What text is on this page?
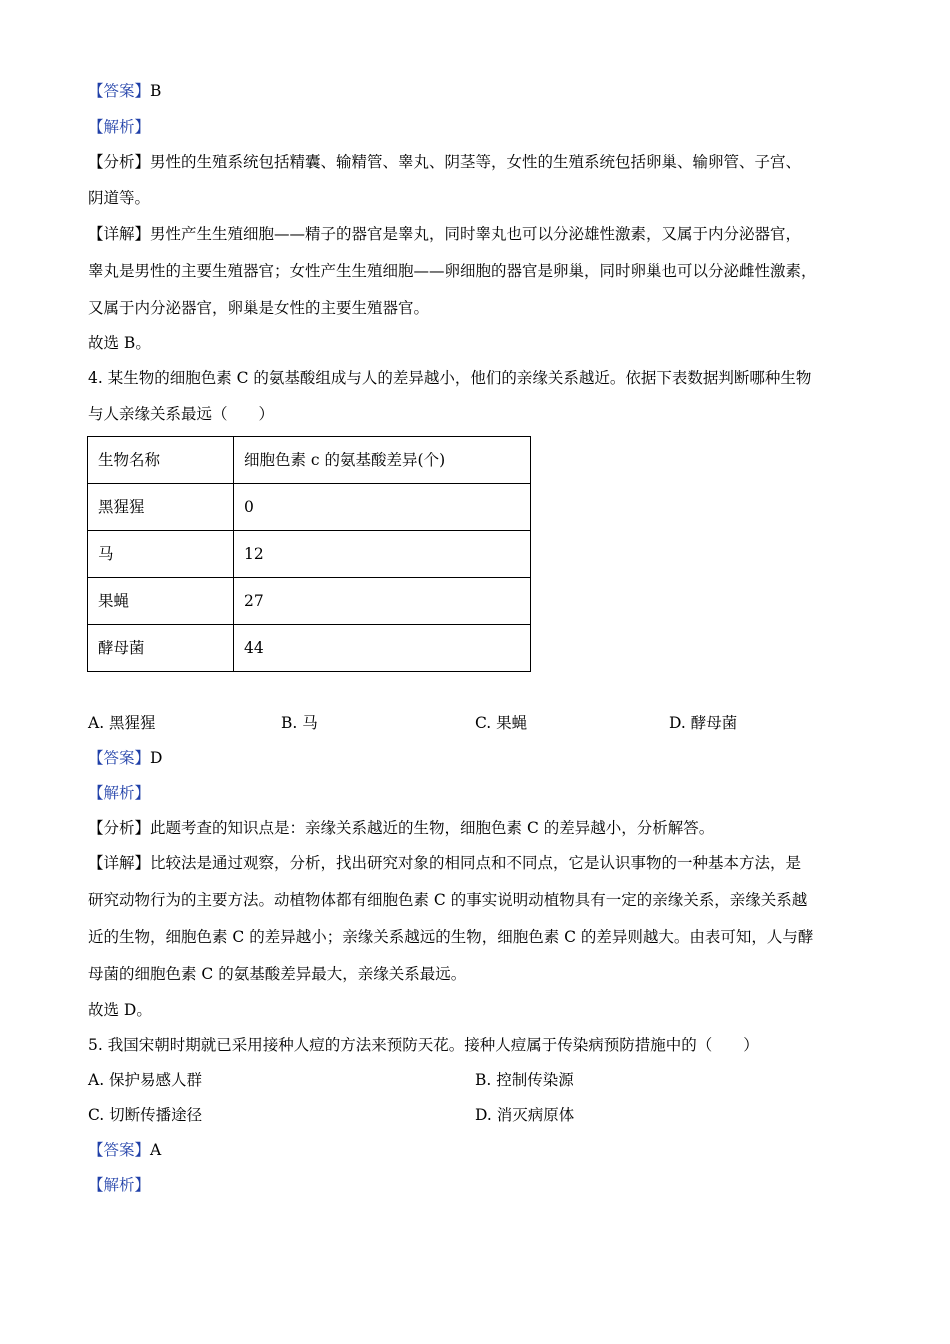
【答案】B
【解析】
【分析】男性的生殖系统包括精囊、输精管、睾丸、阴茎等，女性的生殖系统包括卵巢、输卵管、子宫、
阴道等。
【详解】男性产生生殖细胞——精子的器官是睾丸，同时睾丸也可以分泌雄性激素，又属于内分泌器官，
睾丸是男性的主要生殖器官；女性产生生殖细胞——卵细胞的器官是卵巢，同时卵巢也可以分泌雌性激素，
又属于内分泌器官，卵巢是女性的主要生殖器官。
故选 B。
4. 某生物的细胞色素 C 的氨基酸组成与人的差异越小，他们的亲缘关系越近。依据下表数据判断哪种生物
与人亲缘关系最远（　　）
生物名称	细胞色素 c 的氨基酸差异(个)
黑猩猩	0
马	12
果蝇	27
酵母菌	44
A. 黑猩猩	B. 马	C. 果蝇	D. 酵母菌
【答案】D
【解析】
【分析】此题考查的知识点是：亲缘关系越近的生物，细胞色素 C 的差异越小，分析解答。
【详解】比较法是通过观察，分析，找出研究对象的相同点和不同点，它是认识事物的一种基本方法，是
研究动物行为的主要方法。动植物体都有细胞色素 C 的事实说明动植物具有一定的亲缘关系，亲缘关系越
近的生物，细胞色素 C 的差异越小；亲缘关系越远的生物，细胞色素 C 的差异则越大。由表可知，人与酵
母菌的细胞色素 C 的氨基酸差异最大，亲缘关系最远。
故选 D。
5. 我国宋朝时期就已采用接种人痘的方法来预防天花。接种人痘属于传染病预防措施中的（　　）
A. 保护易感人群	B. 控制传染源
C. 切断传播途径	D. 消灭病原体
【答案】A
【解析】
